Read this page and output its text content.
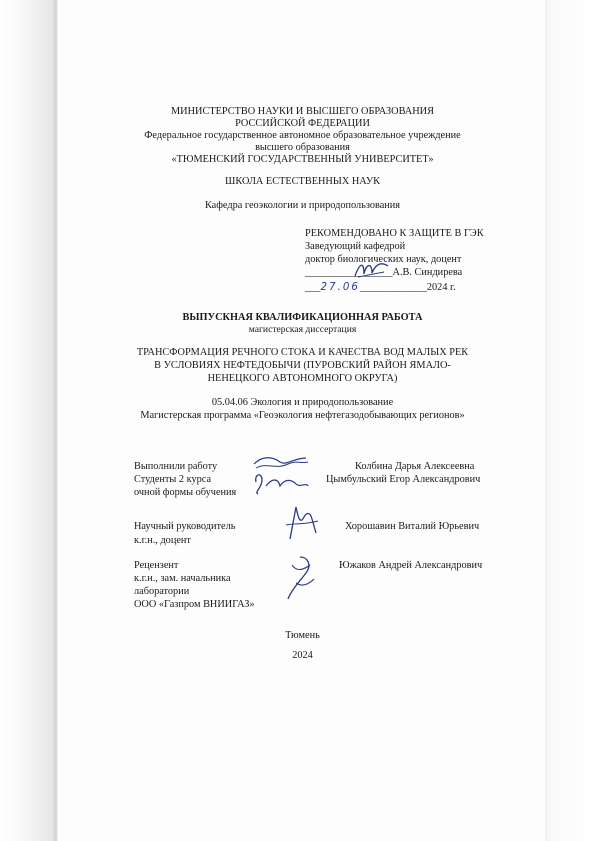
МИНИСТЕРСТВО НАУКИ И ВЫСШЕГО ОБРАЗОВАНИЯ
РОССИЙСКОЙ ФЕДЕРАЦИИ
Федеральное государственное автономное образовательное учреждение
высшего образования
«ТЮМЕНСКИЙ ГОСУДАРСТВЕННЫЙ УНИВЕРСИТЕТ»
ШКОЛА ЕСТЕСТВЕННЫХ НАУК
Кафедра геоэкологии и природопользования
РЕКОМЕНДОВАНО К ЗАЩИТЕ В ГЭК
Заведующий кафедрой
доктор биологических наук, доцент
_________________А.В. Синдирева
___27.06_____________2024 г.
ВЫПУСКНАЯ КВАЛИФИКАЦИОННАЯ РАБОТА
магистерская диссертация
ТРАНСФОРМАЦИЯ РЕЧНОГО СТОКА И КАЧЕСТВА ВОД МАЛЫХ РЕК
В УСЛОВИЯХ НЕФТЕДОБЫЧИ (ПУРОВСКИЙ РАЙОН ЯМАЛО-
НЕНЕЦКОГО АВТОНОМНОГО ОКРУГА)
05.04.06 Экология и природопользование
Магистерская программа «Геоэкология нефтегазодобывающих регионов»
Выполнили работу
Студенты 2 курса
очной формы обучения
Колбина Дарья Алексеевна
Цымбульский Егор Александрович
Научный руководитель
к.г.н., доцент
Хорошавин Виталий Юрьевич
Рецензент
к.г.н., зам. начальника
лаборатории
ООО «Газпром ВНИИГАЗ»
Южаков Андрей Александрович
Тюмень
2024
